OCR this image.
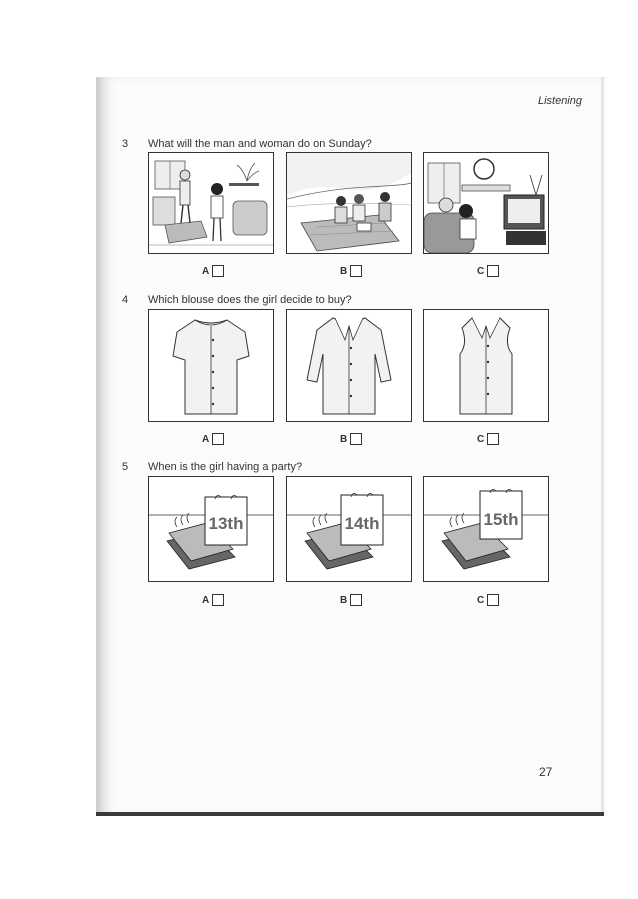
Listening
3 What will the man and woman do on Sunday?
A	B	C
4 Which blouse does the girl decide to buy?
A	B	C
5 When is the girl having a party?
13th	14th	15th
A	B	C
27
